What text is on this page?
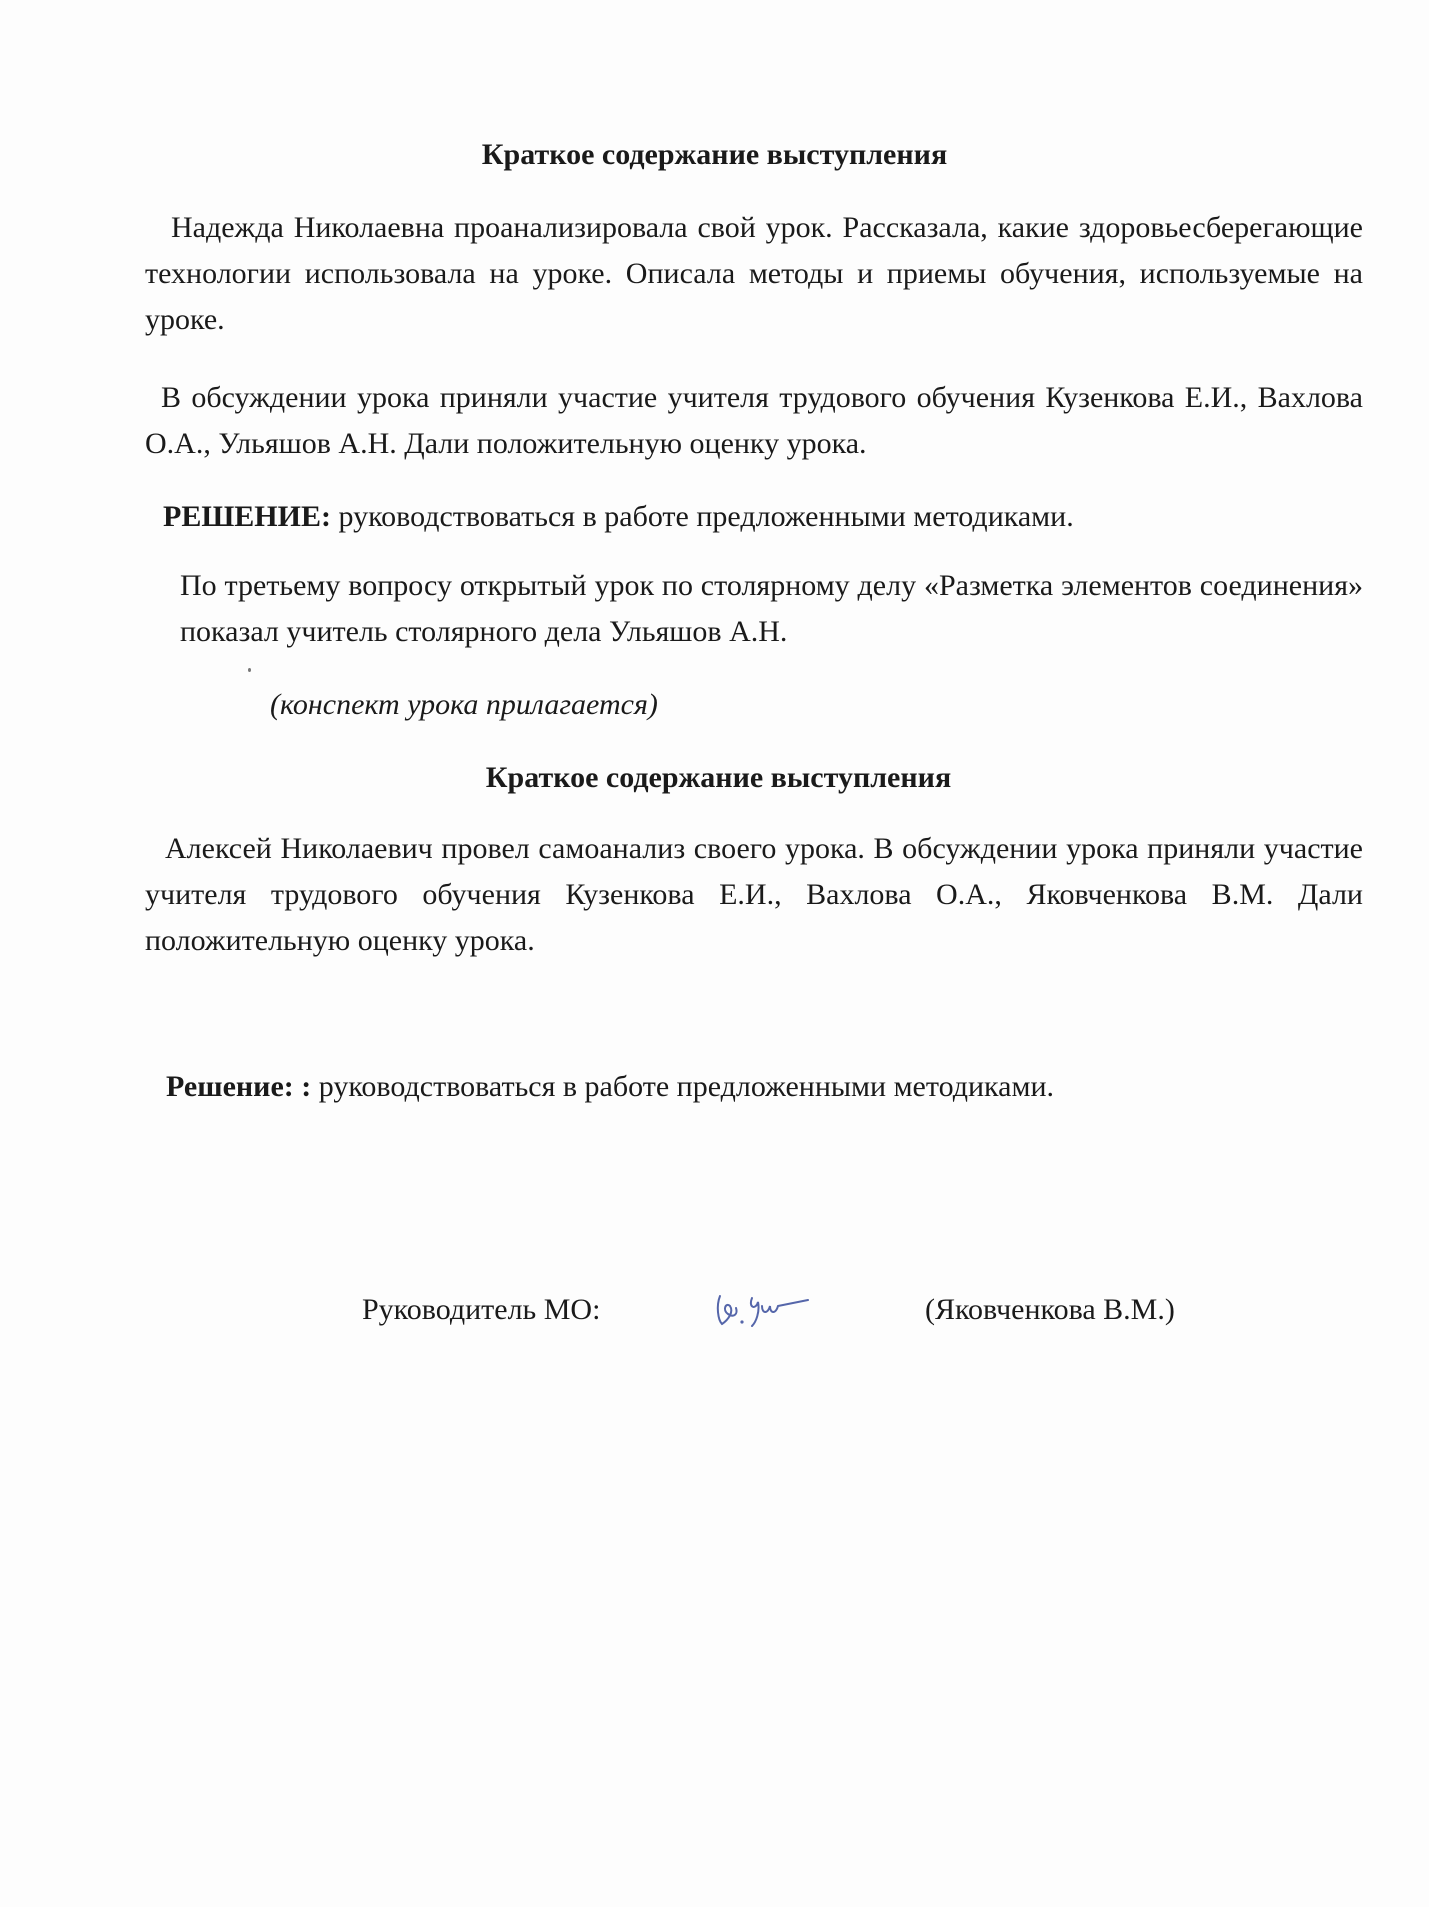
Краткое содержание выступления

Надежда Николаевна проанализировала свой урок. Рассказала, какие здоровьесберегающие технологии использовала на уроке. Описала методы и приемы обучения, используемые на уроке.

В обсуждении урока приняли участие учителя трудового обучения Кузенкова Е.И., Вахлова О.А., Ульяшов А.Н. Дали положительную оценку урока.

РЕШЕНИЕ: руководствоваться в работе предложенными методиками.

По третьему вопросу открытый урок по столярному делу «Разметка элементов соединения» показал учитель столярного дела Ульяшов А.Н.

(конспект урока прилагается)

Краткое содержание выступления

Алексей Николаевич провел самоанализ своего урока. В обсуждении урока приняли участие учителя трудового обучения Кузенкова Е.И., Вахлова О.А., Яковченкова В.М. Дали положительную оценку урока.

Решение: : руководствоваться в работе предложенными методиками.

Руководитель МО:	(Яковченкова В.М.)
